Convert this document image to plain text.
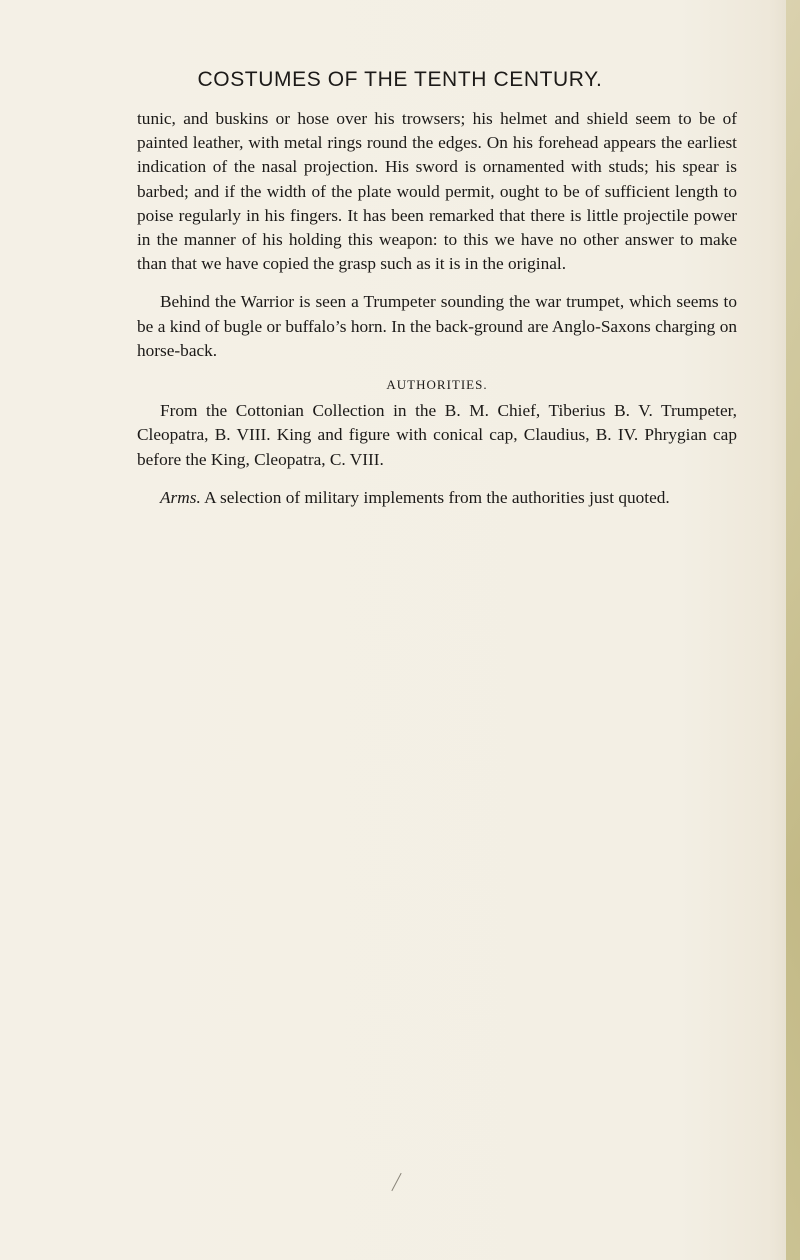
COSTUMES OF THE TENTH CENTURY.

tunic, and buskins or hose over his trowsers; his helmet and shield seem to be of painted leather, with metal rings round the edges. On his forehead appears the earliest indication of the nasal projection. His sword is ornamented with studs; his spear is barbed; and if the width of the plate would permit, ought to be of sufficient length to poise regularly in his fingers. It has been remarked that there is little projectile power in the manner of his holding this weapon: to this we have no other answer to make than that we have copied the grasp such as it is in the original.

Behind the Warrior is seen a Trumpeter sounding the war trumpet, which seems to be a kind of bugle or buffalo’s horn. In the back-ground are Anglo-Saxons charging on horse-back.

AUTHORITIES.

From the Cottonian Collection in the B. M. Chief, Tiberius B. V. Trumpeter, Cleopatra, B. VIII. King and figure with conical cap, Claudius, B. IV. Phrygian cap before the King, Cleopatra, C. VIII.

Arms. A selection of military implements from the authorities just quoted.
